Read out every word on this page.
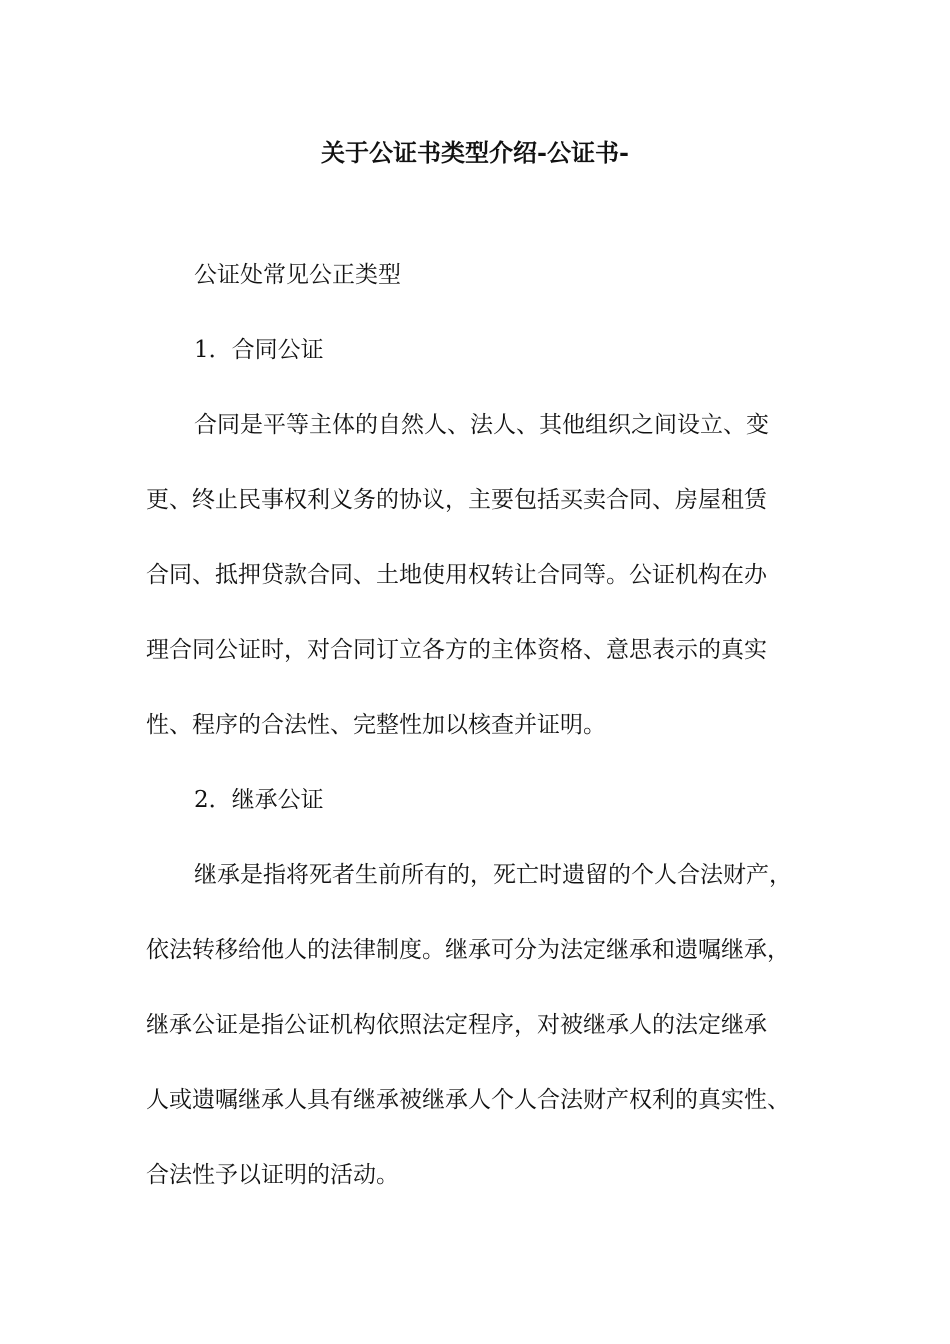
关于公证书类型介绍-公证书-
公证处常见公正类型
1．合同公证
合同是平等主体的自然人、法人、其他组织之间设立、变
更、终止民事权利义务的协议，主要包括买卖合同、房屋租赁
合同、抵押贷款合同、土地使用权转让合同等。公证机构在办
理合同公证时，对合同订立各方的主体资格、意思表示的真实
性、程序的合法性、完整性加以核查并证明。
2．继承公证
继承是指将死者生前所有的，死亡时遗留的个人合法财产，
依法转移给他人的法律制度。继承可分为法定继承和遗嘱继承，
继承公证是指公证机构依照法定程序，对被继承人的法定继承
人或遗嘱继承人具有继承被继承人个人合法财产权利的真实性、
合法性予以证明的活动。
